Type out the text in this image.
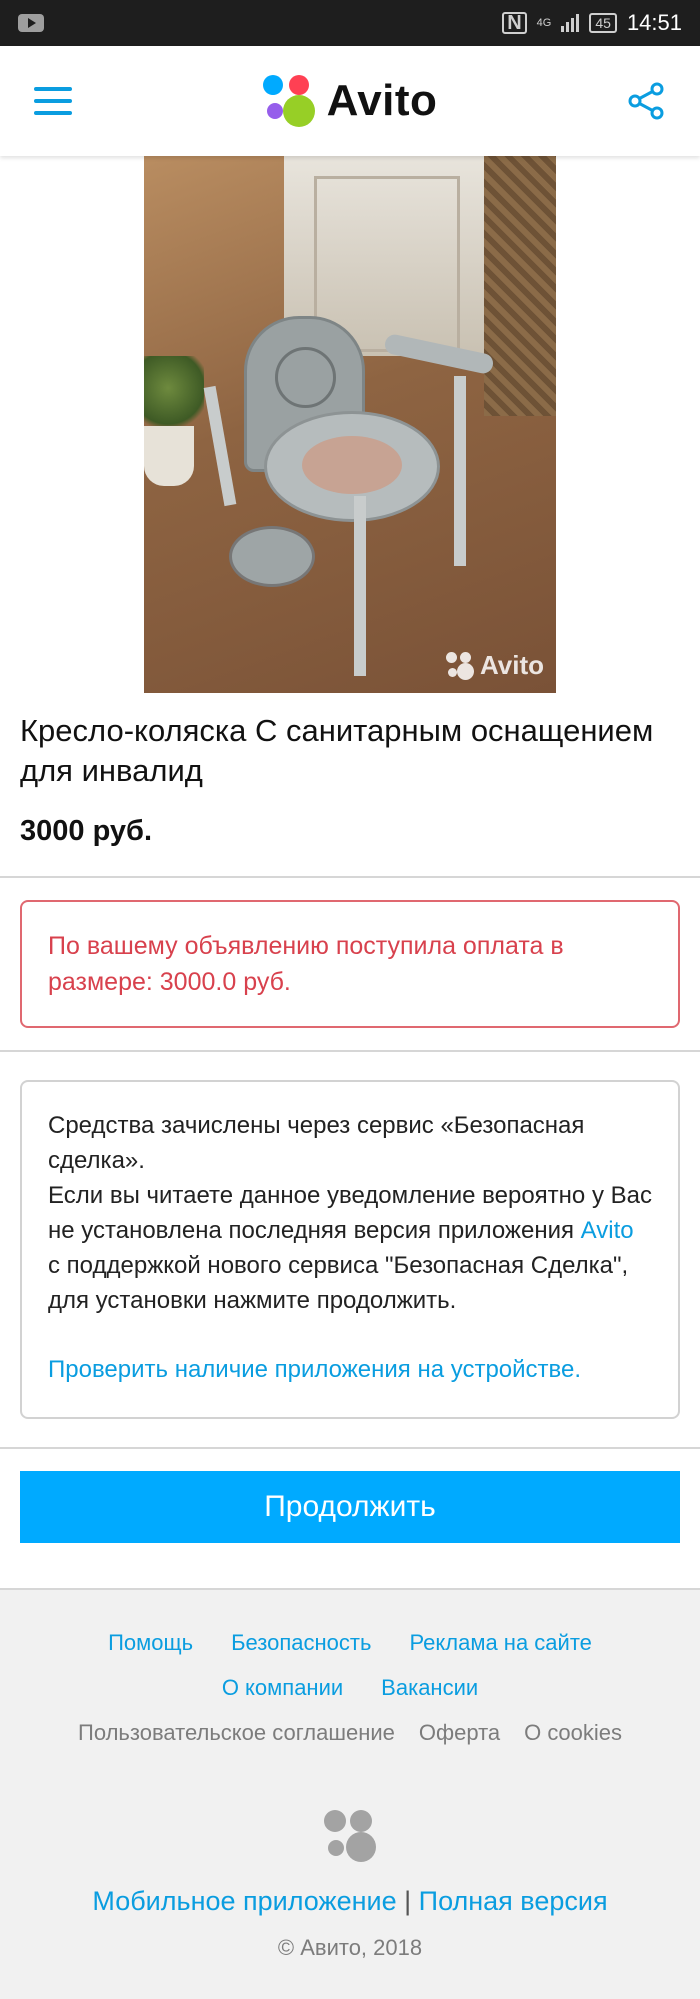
N	4G	45 14:51
Avito
Avito
Кресло-коляска С санитарным оснащением для инвалид

3000 руб.

По вашему объявлению поступила оплата в размере: 3000.0 руб.

Средства зачислены через сервис «Безопасная сделка».

Если вы читаете данное уведомление вероятно у Вас не установлена последняя версия приложения Avito с поддержкой нового сервиса "Безопасная Сделка", для установки нажмите продолжить.

Проверить наличие приложения на устройстве.
Продолжить
Помощь Безопасность Реклама на сайте
О компании Вакансии
Пользовательское соглашение Оферта О cookies
Мобильное приложение | Полная версия
© Авито, 2018
